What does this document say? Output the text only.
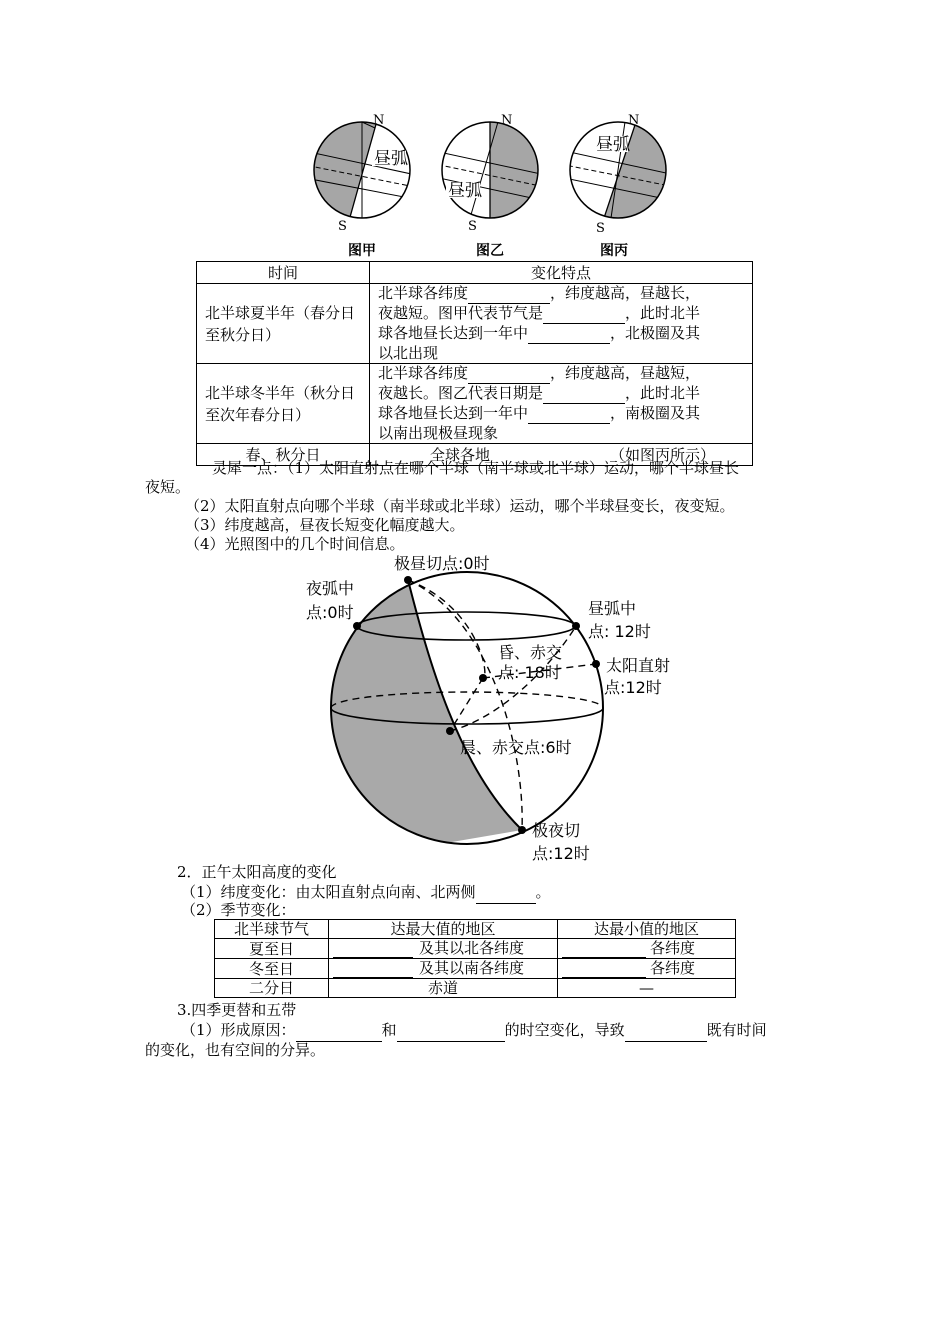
昼弧
N
S
昼弧
N
S
昼弧
N
S
图甲	图乙	图丙
时间	变化特点
北半球夏半年（春分日至秋分日）	北半球各纬度 ，纬度越高，昼越长，
夜越短。图甲代表节气是 ，此时北半
球各地昼长达到一年中 ，北极圈及其
以北出现
北半球冬半年（秋分日至次年春分日）	北半球各纬度 ，纬度越高，昼越短，
夜越长。图乙代表日期是 ，此时北半
球各地昼长达到一年中 ，南极圈及其
以南出现极昼现象
春、秋分日	全球各地 （如图丙所示）
灵犀一点：（1）太阳直射点在哪个半球（南半球或北半球）运动，哪个半球昼长
夜短。
（2）太阳直射点向哪个半球（南半球或北半球）运动，哪个半球昼变长，夜变短。
（3）纬度越高，昼夜长短变化幅度越大。
（4）光照图中的几个时间信息。
极昼切点:0时
夜弧中
点:0时	昼弧中
点: 12时
昏、赤交
点: 18时	太阳直射
点:12时
晨、赤交点:6时
极夜切
点:12时
2．正午太阳高度的变化
（1）纬度变化：由太阳直射点向南、北两侧	。
（2）季节变化：
北半球节气	达最大值的地区	达最小值的地区
夏至日	及其以北各纬度	各纬度
冬至日	及其以南各纬度	各纬度
二分日	赤道	—
3.四季更替和五带
（1）形成原因：	和	的时空变化，导致	既有时间
的变化，也有空间的分异。
